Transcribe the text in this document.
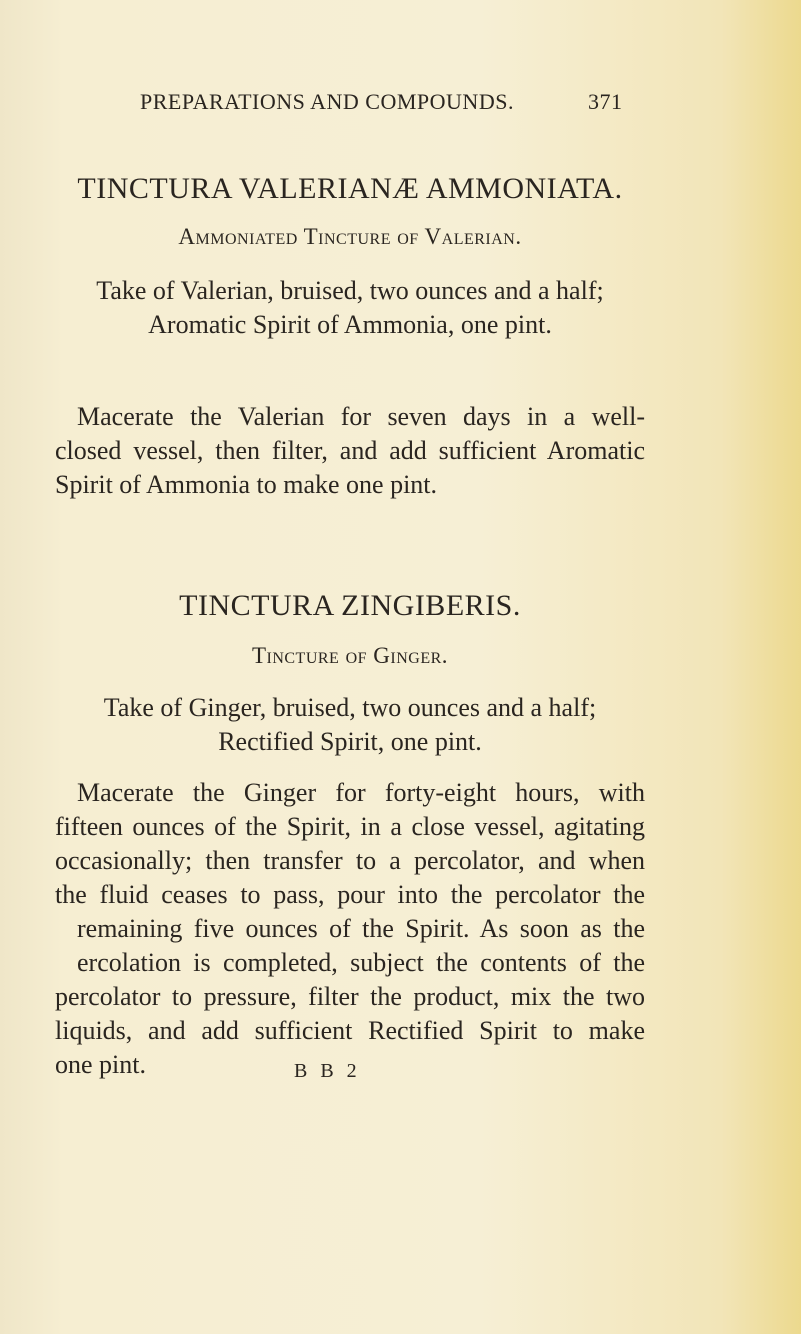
PREPARATIONS AND COMPOUNDS.	371

TINCTURA VALERIANÆ AMMONIATA.

Ammoniated Tincture of Valerian.

Take of Valerian, bruised, two ounces and a half;

Aromatic Spirit of Ammonia, one pint.

Macerate the Valerian for seven days in a well-

closed vessel, then filter, and add sufficient Aromatic

Spirit of Ammonia to make one pint.

TINCTURA ZINGIBERIS.

Tincture of Ginger.

Take of Ginger, bruised, two ounces and a half;

Rectified Spirit, one pint.

Macerate the Ginger for forty-eight hours, with

fifteen ounces of the Spirit, in a close vessel, agitating

occasionally; then transfer to a percolator, and when

the fluid ceases to pass, pour into the percolator the

remaining five ounces of the Spirit. As soon as the

ercolation is completed, subject the contents of the

percolator to pressure, filter the product, mix the two

liquids, and add sufficient Rectified Spirit to make

one pint.	B B 2
